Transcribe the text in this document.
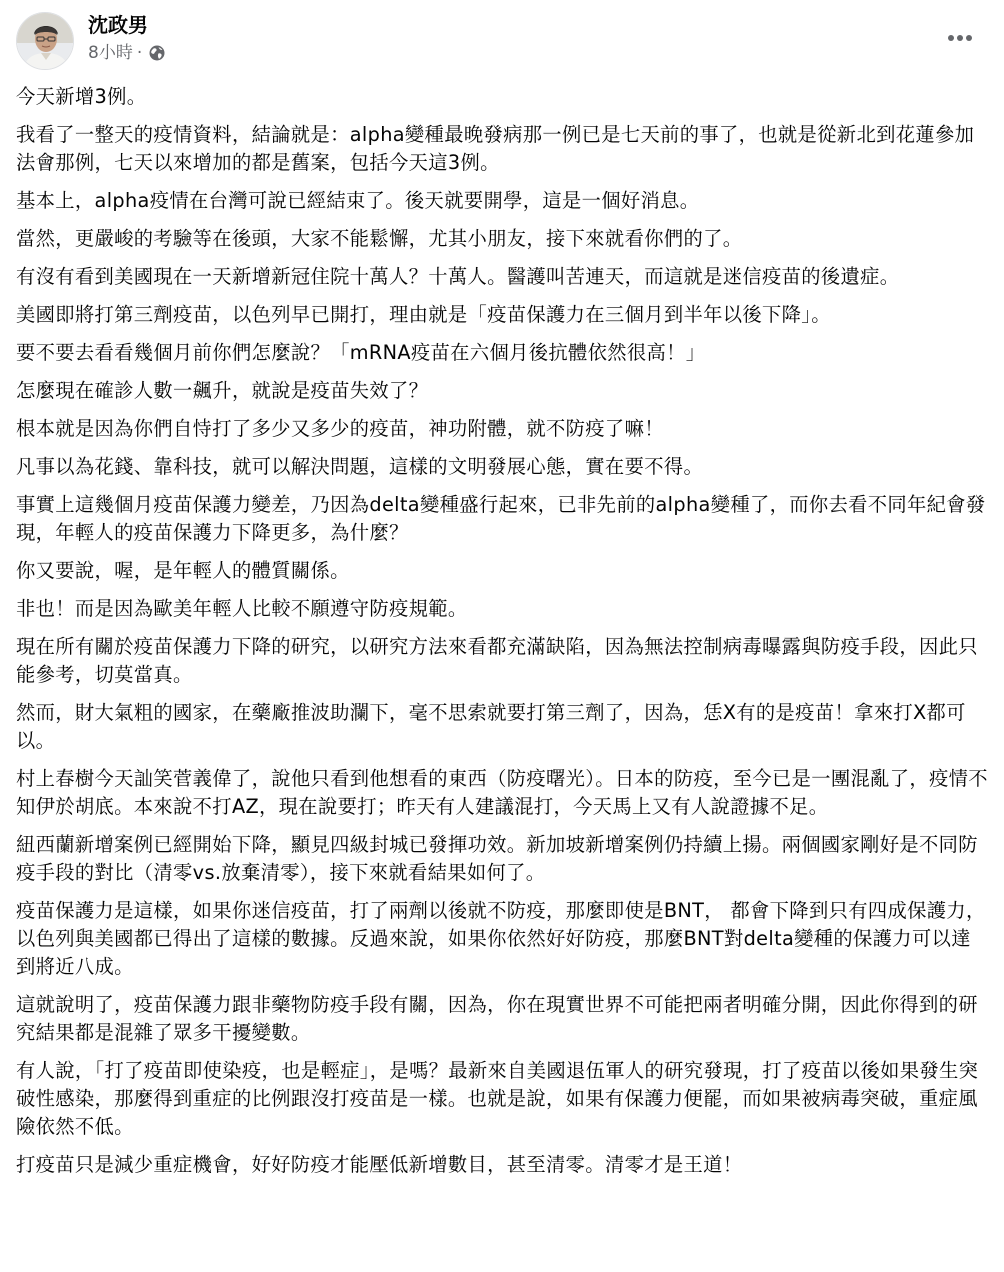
沈政男
8小時 ·

今天新增3例。

我看了一整天的疫情資料，結論就是：alpha變種最晚發病那一例已是七天前的事了，也就是從新北到花蓮參加法會那例，七天以來增加的都是舊案，包括今天這3例。

基本上，alpha疫情在台灣可說已經結束了。後天就要開學，這是一個好消息。

當然，更嚴峻的考驗等在後頭，大家不能鬆懈，尤其小朋友，接下來就看你們的了。

有沒有看到美國現在一天新增新冠住院十萬人？十萬人。醫護叫苦連天，而這就是迷信疫苗的後遺症。

美國即將打第三劑疫苗，以色列早已開打，理由就是「疫苗保護力在三個月到半年以後下降」。

要不要去看看幾個月前你們怎麼說？「mRNA疫苗在六個月後抗體依然很高！」

怎麼現在確診人數一飆升，就說是疫苗失效了？

根本就是因為你們自恃打了多少又多少的疫苗，神功附體，就不防疫了嘛！

凡事以為花錢、靠科技，就可以解決問題，這樣的文明發展心態，實在要不得。

事實上這幾個月疫苗保護力變差，乃因為delta變種盛行起來，已非先前的alpha變種了，而你去看不同年紀會發現，年輕人的疫苗保護力下降更多，為什麼？

你又要說，喔，是年輕人的體質關係。

非也！而是因為歐美年輕人比較不願遵守防疫規範。

現在所有關於疫苗保護力下降的研究，以研究方法來看都充滿缺陷，因為無法控制病毒曝露與防疫手段，因此只能參考，切莫當真。

然而，財大氣粗的國家，在藥廠推波助瀾下，毫不思索就要打第三劑了，因為，恁X有的是疫苗！拿來打X都可以。

村上春樹今天訕笑菅義偉了，說他只看到他想看的東西（防疫曙光）。日本的防疫，至今已是一團混亂了，疫情不知伊於胡底。本來說不打AZ，現在說要打；昨天有人建議混打，今天馬上又有人說證據不足。

紐西蘭新增案例已經開始下降，顯見四級封城已發揮功效。新加坡新增案例仍持續上揚。兩個國家剛好是不同防疫手段的對比（清零vs.放棄清零），接下來就看結果如何了。

疫苗保護力是這樣，如果你迷信疫苗，打了兩劑以後就不防疫，那麼即使是BNT， 都會下降到只有四成保護力，以色列與美國都已得出了這樣的數據。反過來說，如果你依然好好防疫，那麼BNT對delta變種的保護力可以達到將近八成。

這就說明了，疫苗保護力跟非藥物防疫手段有關，因為，你在現實世界不可能把兩者明確分開，因此你得到的研究結果都是混雜了眾多干擾變數。

有人說，「打了疫苗即使染疫，也是輕症」，是嗎？最新來自美國退伍軍人的研究發現，打了疫苗以後如果發生突破性感染，那麼得到重症的比例跟沒打疫苗是一樣。也就是說，如果有保護力便罷，而如果被病毒突破，重症風險依然不低。

打疫苗只是減少重症機會，好好防疫才能壓低新增數目，甚至清零。清零才是王道！
